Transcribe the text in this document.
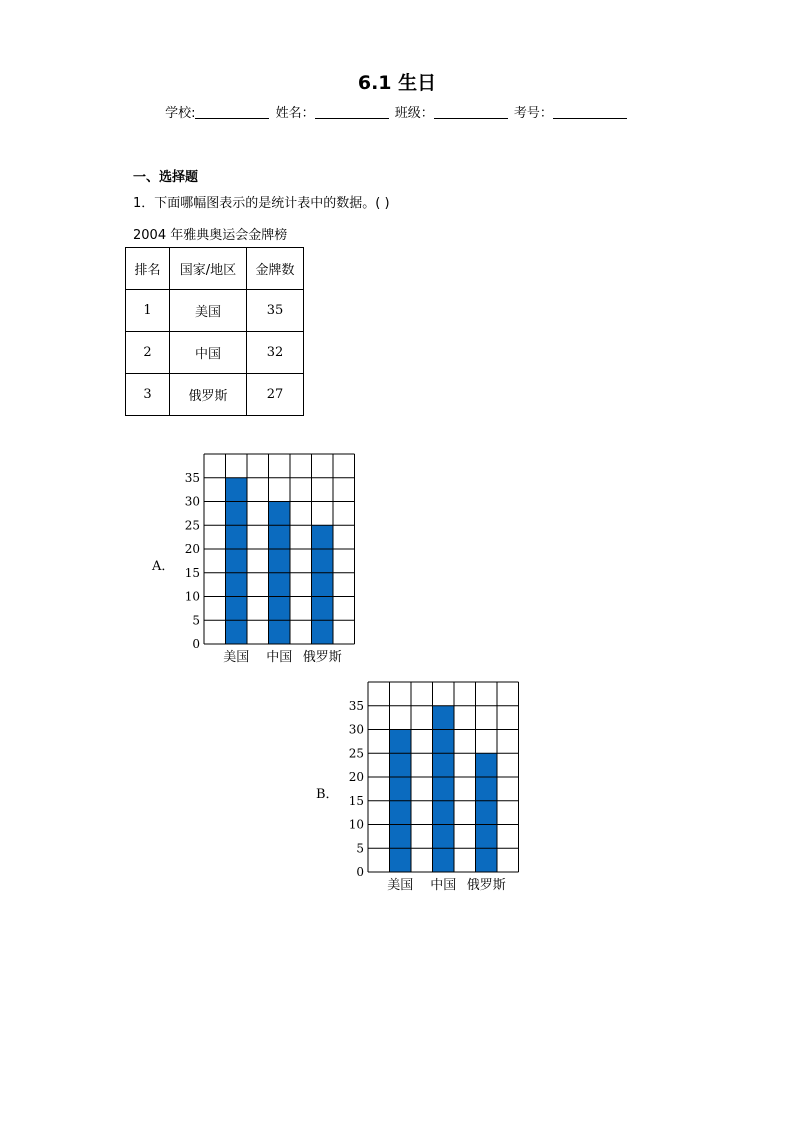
6.1 生日
学校:	姓名：	班级：	考号：
一、选择题
1．下面哪幅图表示的是统计表中的数据。( )
2004 年雅典奥运会金牌榜
排名	国家/地区	金牌数
1	美国	35
2	中国	32
3	俄罗斯	27
A．
0
5
10
15
20
25
30
35
美国 中国 俄罗斯
B．
0
5
10
15
20
25
30
35
美国 中国 俄罗斯
